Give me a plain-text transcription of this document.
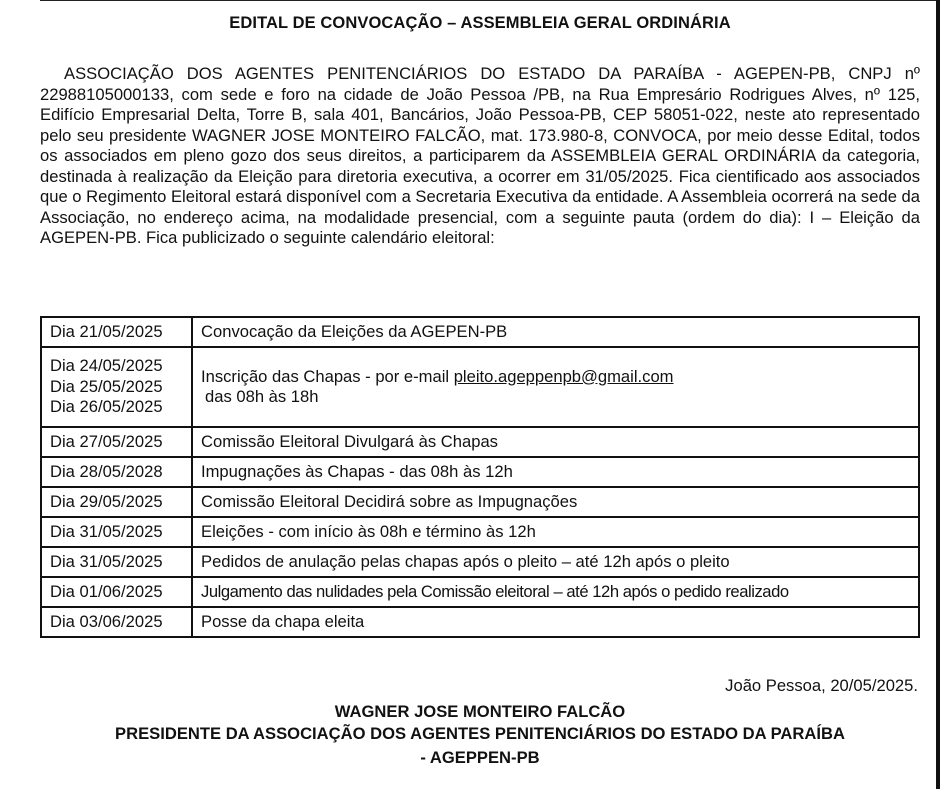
EDITAL DE CONVOCAÇÃO – ASSEMBLEIA GERAL ORDINÁRIA

ASSOCIAÇÃO DOS AGENTES PENITENCIÁRIOS DO ESTADO DA PARAÍBA - AGEPEN-PB, CNPJ nº 22988105000133, com sede e foro na cidade de João Pessoa /PB, na Rua Empresário Rodrigues Alves, nº 125, Edifício Empresarial Delta, Torre B, sala 401, Bancários, João Pessoa-PB, CEP 58051-022, neste ato representado pelo seu presidente WAGNER JOSE MONTEIRO FALCÃO, mat. 173.980-8, CONVOCA, por meio desse Edital, todos os associados em pleno gozo dos seus direitos, a participarem da ASSEMBLEIA GERAL ORDINÁRIA da categoria, destinada à realização da Eleição para diretoria executiva, a ocorrer em 31/05/2025. Fica cientificado aos associados que o Regimento Eleitoral estará disponível com a Secretaria Executiva da entidade. A Assembleia ocorrerá na sede da Associação, no endereço acima, na modalidade presencial, com a seguinte pauta (ordem do dia): I – Eleição da AGEPEN-PB. Fica publicizado o seguinte calendário eleitoral:

Dia 21/05/2025	Convocação da Eleições da AGEPEN-PB

Dia 24/05/2025
Dia 25/05/2025
Dia 26/05/2025	Inscrição das Chapas - por e-mail pleito.ageppenpb@gmail.com
das 08h às 18h

Dia 27/05/2025	Comissão Eleitoral Divulgará às Chapas
Dia 28/05/2028	Impugnações às Chapas - das 08h às 12h
Dia 29/05/2025	Comissão Eleitoral Decidirá sobre as Impugnações
Dia 31/05/2025	Eleições - com início às 08h e término às 12h
Dia 31/05/2025	Pedidos de anulação pelas chapas após o pleito – até 12h após o pleito
Dia 01/06/2025	Julgamento das nulidades pela Comissão eleitoral – até 12h após o pedido realizado
Dia 03/06/2025	Posse da chapa eleita
João Pessoa, 20/05/2025.
WAGNER JOSE MONTEIRO FALCÃO
PRESIDENTE DA ASSOCIAÇÃO DOS AGENTES PENITENCIÁRIOS DO ESTADO DA PARAÍBA
- AGEPPEN-PB
